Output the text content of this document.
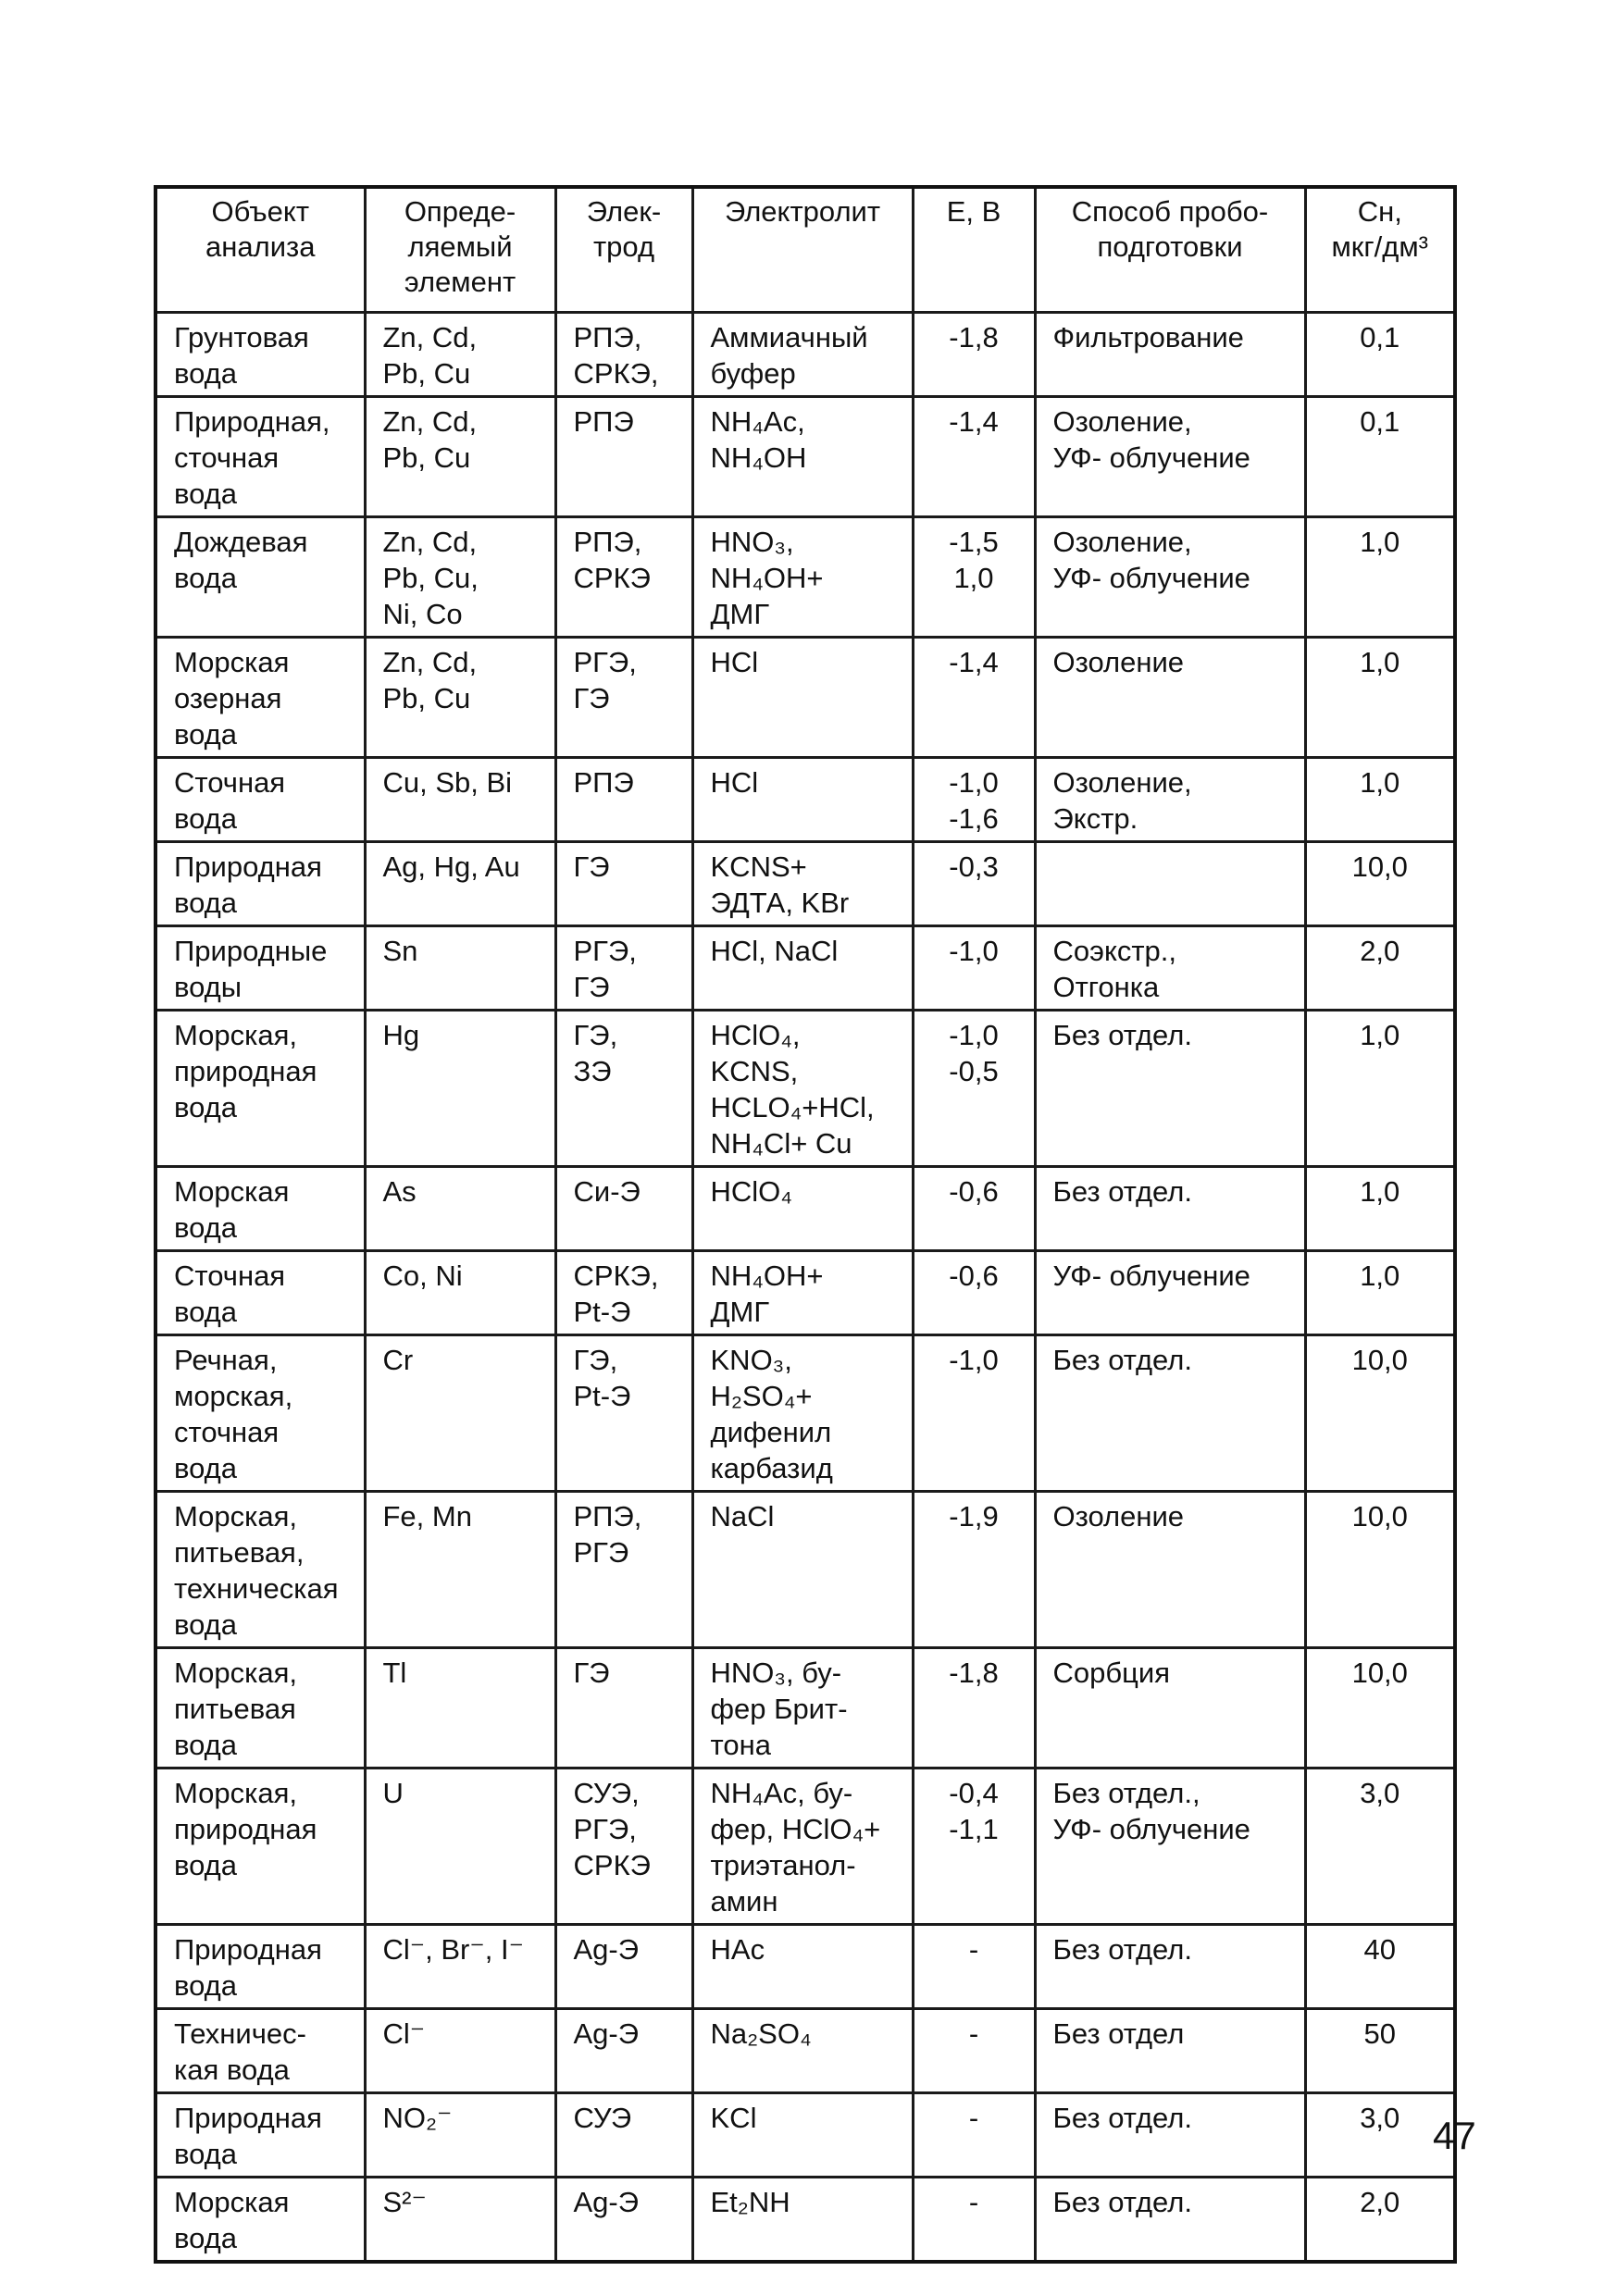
Объект
анализа	Опреде-
ляемый
элемент	Элек-
трод	Электролит	E, B	Способ пробо-
подготовки	Cн,
мкг/дм³
Грунтовая
вода	Zn, Cd,
Pb, Cu	РПЭ,
СРКЭ,	Аммиачный
буфер	-1,8	Фильтрование	0,1
Природная,
сточная
вода	Zn, Cd,
Pb, Cu	РПЭ	NH₄Ac,
NH₄OH	-1,4	Озоление,
УФ- облучение	0,1
Дождевая
вода	Zn, Cd,
Pb, Cu,
Ni, Co	РПЭ,
СРКЭ	HNO₃,
NH₄OH+
ДМГ	-1,5
1,0	Озоление,
УФ- облучение	1,0
Морская
озерная
вода	Zn, Cd,
Pb, Cu	РГЭ,
ГЭ	HCl	-1,4	Озоление	1,0
Сточная
вода	Cu, Sb, Bi	РПЭ	HCl	-1,0
-1,6	Озоление,
Экстр.	1,0
Природная
вода	Ag, Hg, Au	ГЭ	KCNS+
ЭДТА, KBr	-0,3		10,0
Природные
воды	Sn	РГЭ,
ГЭ	HCl, NaCl	-1,0	Соэкстр.,
Отгонка	2,0
Морская,
природная
вода	Hg	ГЭ,
ЗЭ	HClO₄,
KCNS,
HCLO₄+HCl,
NH₄Cl+ Cu	-1,0
-0,5	Без отдел.	1,0
Морская
вода	As	Си-Э	HClO₄	-0,6	Без отдел.	1,0
Сточная
вода	Co, Ni	СРКЭ,
Pt-Э	NH₄OH+
ДМГ	-0,6	УФ- облучение	1,0
Речная,
морская,
сточная
вода	Cr	ГЭ,
Pt-Э	KNO₃,
H₂SO₄+
дифенил
карбазид	-1,0	Без отдел.	10,0
Морская,
питьевая,
техническая
вода	Fe, Mn	РПЭ,
РГЭ	NaCl	-1,9	Озоление	10,0
Морская,
питьевая
вода	Tl	ГЭ	HNO₃, бу-
фер Брит-
тона	-1,8	Сорбция	10,0
Морская,
природная
вода	U	СУЭ,
РГЭ,
СРКЭ	NH₄Ac, бу-
фер, HClO₄+
триэтанол-
амин	-0,4
-1,1	Без отдел.,
УФ- облучение	3,0
Природная
вода	Cl⁻, Br⁻, I⁻	Ag-Э	HAc	-	Без отдел.	40
Техничес-
кая вода	Cl⁻	Ag-Э	Na₂SO₄	-	Без отдел	50
Природная
вода	NO₂⁻	СУЭ	KCl	-	Без отдел.	3,0
Морская
вода	S²⁻	Ag-Э	Et₂NH	-	Без отдел.	2,0
47
